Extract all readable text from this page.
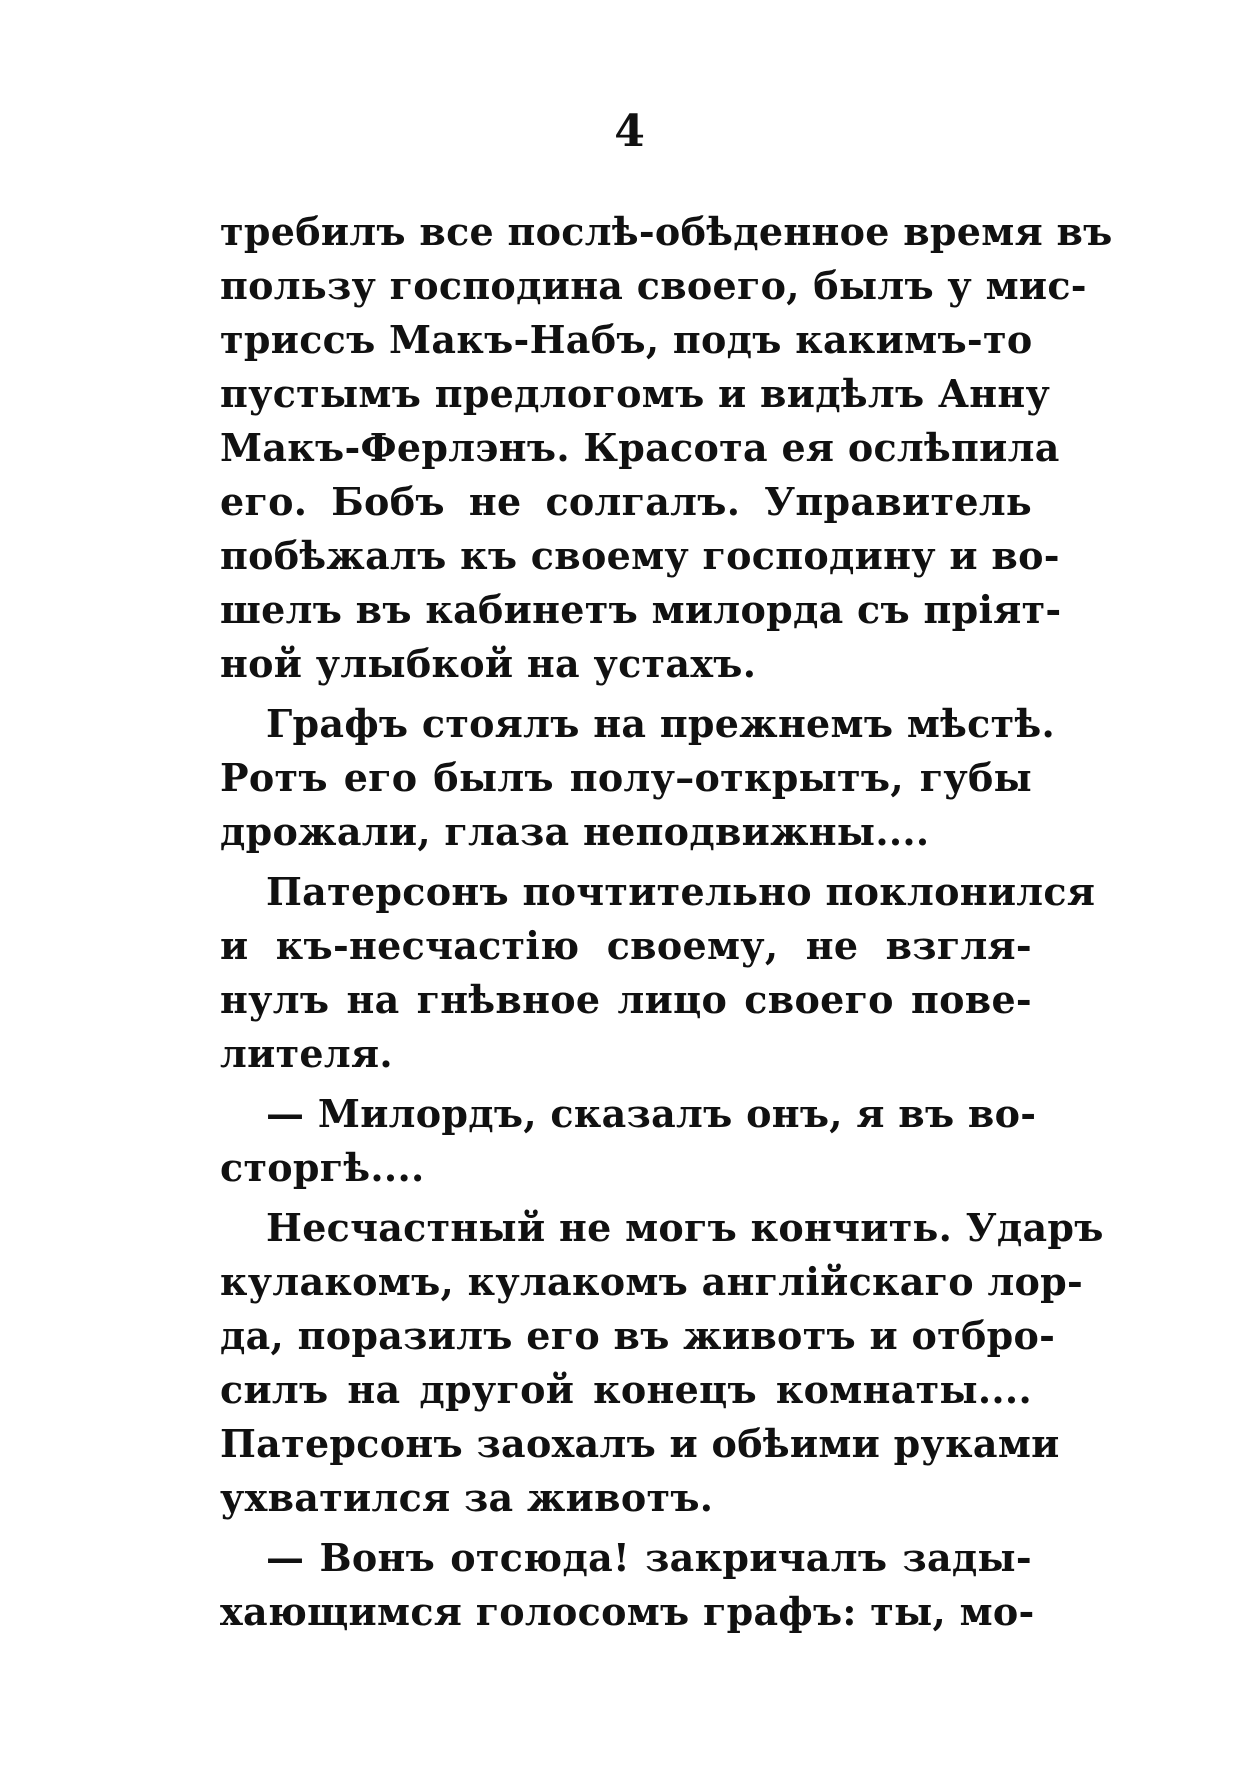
4
требилъ все послѣ-обѣденное время въ
пользу господина своего, былъ у мис-
триссъ Макъ-Набъ, подъ какимъ-то
пустымъ предлогомъ и видѣлъ Анну
Макъ-Ферлэнъ. Красота ея ослѣпила
его. Бобъ не солгалъ. Управитель
побѣжалъ къ своему господину и во-
шелъ въ кабинетъ милорда съ пріят-
ной улыбкой на устахъ.
Графъ стоялъ на прежнемъ мѣстѣ.
Ротъ его былъ полу–открытъ, губы
дрожали, глаза неподвижны....
Патерсонъ почтительно поклонился
и къ-несчастію своему, не взгля-
нулъ на гнѣвное лицо своего пове-
лителя.
— Милордъ, сказалъ онъ, я въ во-
сторгѣ....
Несчастный не могъ кончить. Ударъ
кулакомъ, кулакомъ англійскаго лор-
да, поразилъ его въ животъ и отбро-
силъ на другой конецъ комнаты....
Патерсонъ заохалъ и обѣими руками
ухватился за животъ.
— Вонъ отсюда! закричалъ зады-
хающимся голосомъ графъ: ты, мо-
